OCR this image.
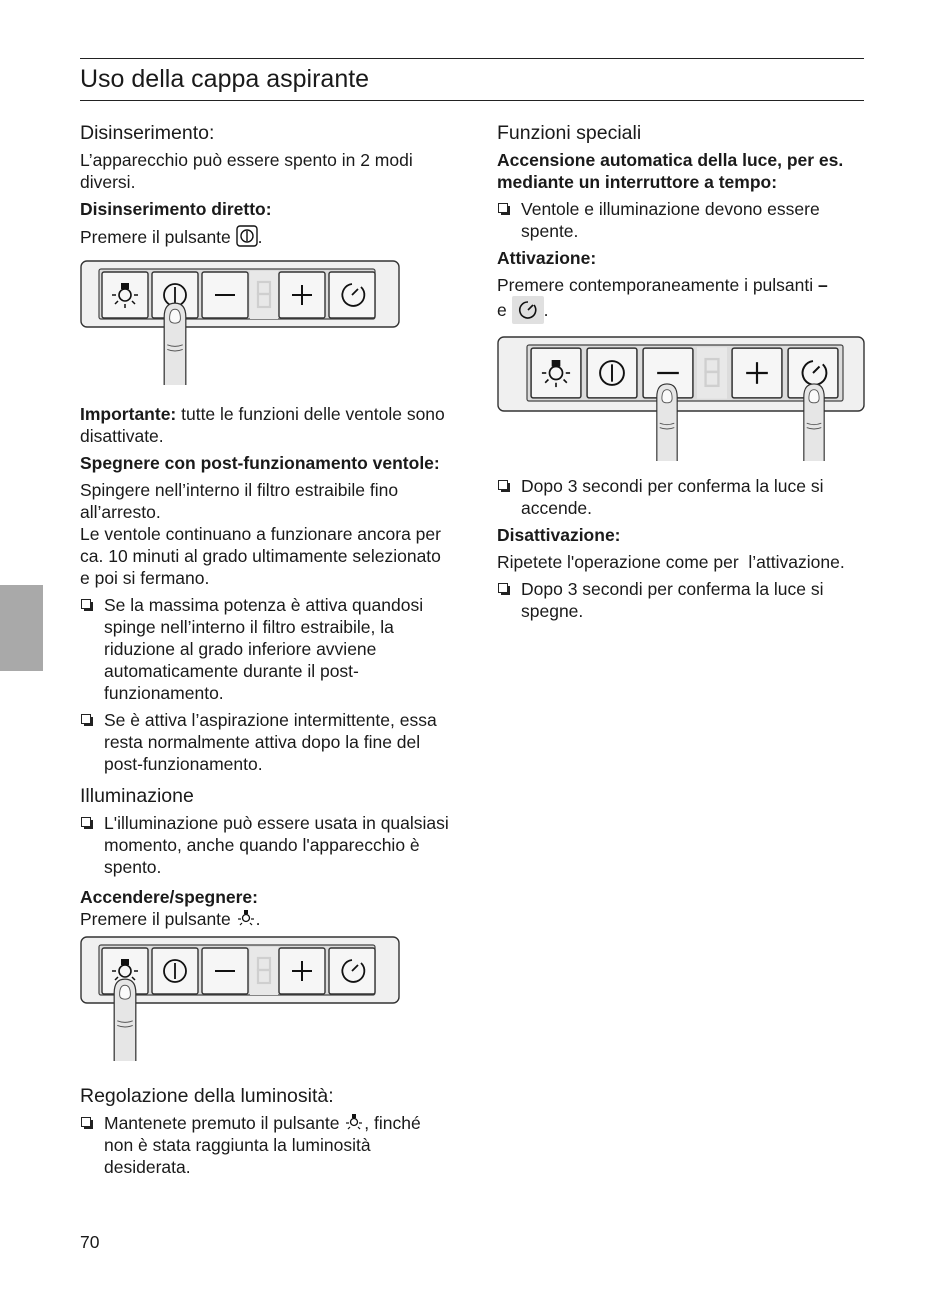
Uso della cappa aspirante
Disinserimento:
L’apparecchio può essere spento in 2 modi diversi.
Disinserimento diretto:
Premere il pulsante .
Importante: tutte le funzioni delle ventole sono disattivate.
Spegnere con post-funzionamento ventole:
Spingere nell’interno il filtro estraibile fino all’arresto.
Le ventole continuano a funzionare ancora per ca. 10 minuti al grado ultimamente selezionato e poi si fermano.
Se la massima potenza è attiva quandosi spinge nell’interno il filtro estraibile, la riduzione al grado inferiore avviene automaticamente durante il post-funzionamento.
Se è attiva l’aspirazione intermittente, essa resta normalmente attiva dopo la fine del post-funzionamento.
Illuminazione
L'illuminazione può essere usata in qualsiasi momento, anche quando l'apparecchio è spento.
Accendere/spegnere:
Premere il pulsante .
Regolazione della luminosità:
Mantenete premuto il pulsante , finché non è stata raggiunta la luminosità desiderata.
Funzioni speciali
Accensione automatica della luce, per es. mediante un interruttore a tempo:
Ventole e illuminazione devono essere spente.
Attivazione:
Premere contemporaneamente i pulsanti –
e .
Dopo 3 secondi per conferma la luce si accende.
Disattivazione:
Ripetete l'operazione come per  l’attivazione.
Dopo 3 secondi per conferma la luce si spegne.
70
